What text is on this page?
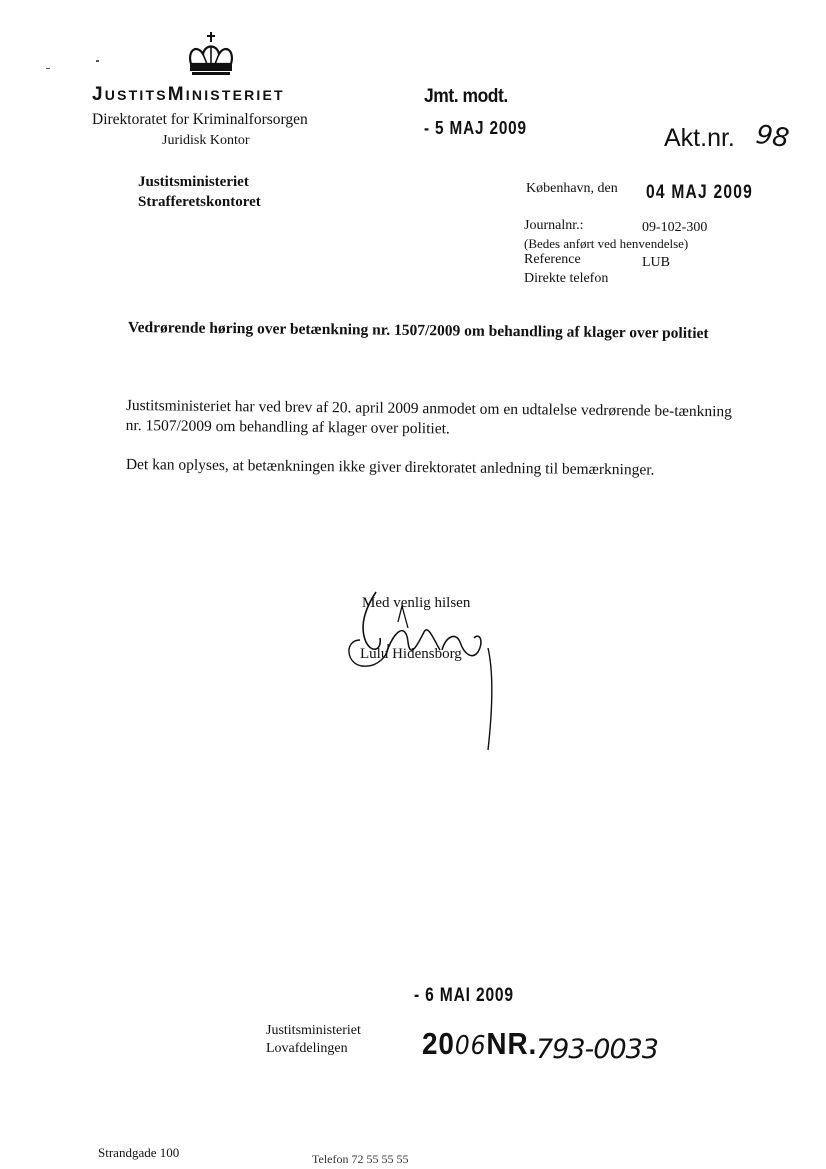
JUSTITSMINISTERIET
Direktoratet for Kriminalforsorgen
Juridisk Kontor
Justitsministeriet
Strafferetskontoret
Jmt. modt.
- 5 MAJ 2009	Akt.nr. 98
København, den 04 MAJ 2009
Journalnr.:	09-102-300
(Bedes anført ved henvendelse)
Reference	LUB
Direkte telefon
Vedrørende høring over betænkning nr. 1507/2009 om behandling af klager over politiet
Justitsministeriet har ved brev af 20. april 2009 anmodet om en udtalelse vedrørende be-tænkning nr. 1507/2009 om behandling af klager over politiet.
Det kan oplyses, at betænkningen ikke giver direktoratet anledning til bemærkninger.
Med venlig hilsen
Lulu Hidensborg
- 6 MAI 2009
Justitsministeriet
Lovafdelingen	2006NR.
793-0033
Strandgade 100	Telefon 72 55 55 55
